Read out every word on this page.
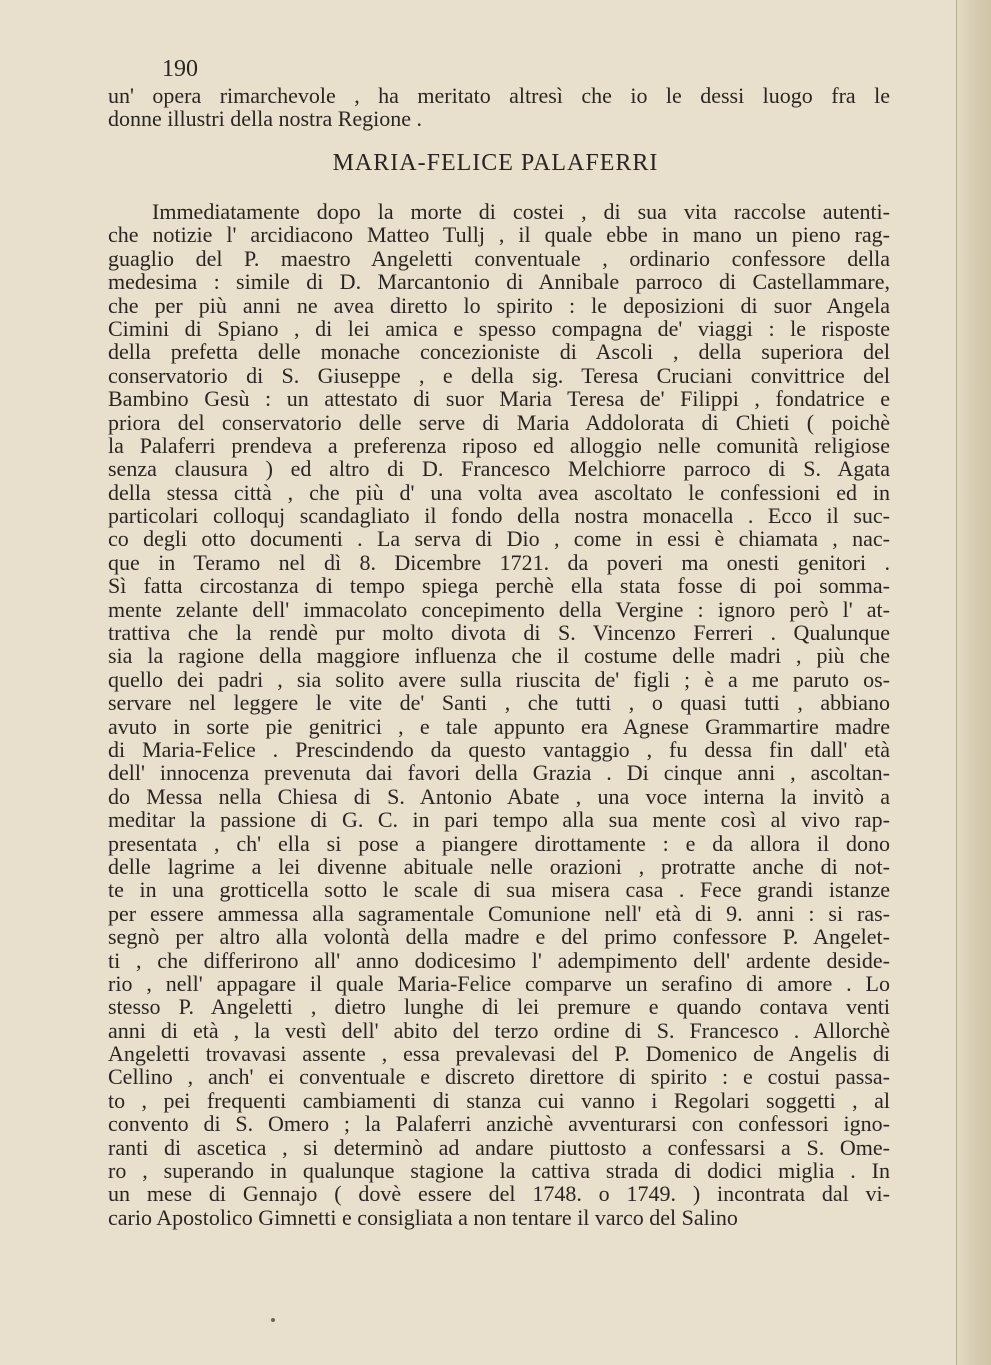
190
un' opera rimarchevole , ha meritato altresì che io le dessi luogo fra le
donne illustri della nostra Regione .
MARIA-FELICE PALAFERRI
Immediatamente dopo la morte di costei , di sua vita raccolse autenti-
che notizie l' arcidiacono Matteo Tullj , il quale ebbe in mano un pieno rag-
guaglio del P. maestro Angeletti conventuale , ordinario confessore della
medesima : simile di D. Marcantonio di Annibale parroco di Castellammare,
che per più anni ne avea diretto lo spirito : le deposizioni di suor Angela
Cimini di Spiano , di lei amica e spesso compagna de' viaggi : le risposte
della prefetta delle monache concezioniste di Ascoli , della superiora del
conservatorio di S. Giuseppe , e della sig. Teresa Cruciani convittrice del
Bambino Gesù : un attestato di suor Maria Teresa de' Filippi , fondatrice e
priora del conservatorio delle serve di Maria Addolorata di Chieti ( poichè
la Palaferri prendeva a preferenza riposo ed alloggio nelle comunità religiose
senza clausura ) ed altro di D. Francesco Melchiorre parroco di S. Agata
della stessa città , che più d' una volta avea ascoltato le confessioni ed in
particolari colloquj scandagliato il fondo della nostra monacella . Ecco il suc-
co degli otto documenti . La serva di Dio , come in essi è chiamata , nac-
que in Teramo nel dì 8. Dicembre 1721. da poveri ma onesti genitori .
Sì fatta circostanza di tempo spiega perchè ella stata fosse di poi somma-
mente zelante dell' immacolato concepimento della Vergine : ignoro però l' at-
trattiva che la rendè pur molto divota di S. Vincenzo Ferreri . Qualunque
sia la ragione della maggiore influenza che il costume delle madri , più che
quello dei padri , sia solito avere sulla riuscita de' figli ; è a me paruto os-
servare nel leggere le vite de' Santi , che tutti , o quasi tutti , abbiano
avuto in sorte pie genitrici , e tale appunto era Agnese Grammartire madre
di Maria-Felice . Prescindendo da questo vantaggio , fu dessa fin dall' età
dell' innocenza prevenuta dai favori della Grazia . Di cinque anni , ascoltan-
do Messa nella Chiesa di S. Antonio Abate , una voce interna la invitò a
meditar la passione di G. C. in pari tempo alla sua mente così al vivo rap-
presentata , ch' ella si pose a piangere dirottamente : e da allora il dono
delle lagrime a lei divenne abituale nelle orazioni , protratte anche di not-
te in una grotticella sotto le scale di sua misera casa . Fece grandi istanze
per essere ammessa alla sagramentale Comunione nell' età di 9. anni : si ras-
segnò per altro alla volontà della madre e del primo confessore P. Angelet-
ti , che differirono all' anno dodicesimo l' adempimento dell' ardente deside-
rio , nell' appagare il quale Maria-Felice comparve un serafino di amore . Lo
stesso P. Angeletti , dietro lunghe di lei premure e quando contava venti
anni di età , la vestì dell' abito del terzo ordine di S. Francesco . Allorchè
Angeletti trovavasi assente , essa prevalevasi del P. Domenico de Angelis di
Cellino , anch' ei conventuale e discreto direttore di spirito : e costui passa-
to , pei frequenti cambiamenti di stanza cui vanno i Regolari soggetti , al
convento di S. Omero ; la Palaferri anzichè avventurarsi con confessori igno-
ranti di ascetica , si determinò ad andare piuttosto a confessarsi a S. Ome-
ro , superando in qualunque stagione la cattiva strada di dodici miglia . In
un mese di Gennajo ( dovè essere del 1748. o 1749. ) incontrata dal vi-
cario Apostolico Gimnetti e consigliata a non tentare il varco del Salino
